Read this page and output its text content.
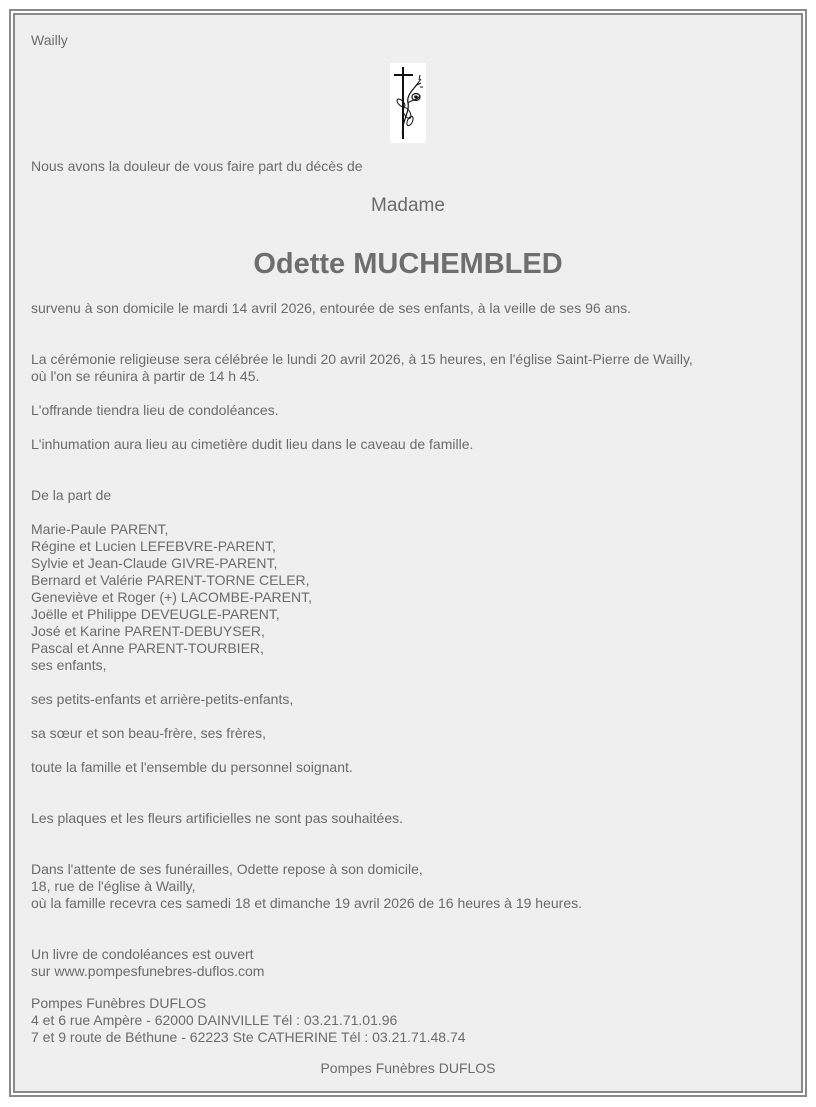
Wailly
Nous avons la douleur de vous faire part du décès de
Madame
Odette MUCHEMBLED
survenu à son domicile le mardi 14 avril 2026, entourée de ses enfants, à la veille de ses 96 ans.
La cérémonie religieuse sera célébrée le lundi 20 avril 2026, à 15 heures, en l'église Saint-Pierre de Wailly,
où l'on se réunira à partir de 14 h 45.
L'offrande tiendra lieu de condoléances.
L'inhumation aura lieu au cimetière dudit lieu dans le caveau de famille.
De la part de
Marie-Paule PARENT,
Régine et Lucien LEFEBVRE-PARENT,
Sylvie et Jean-Claude GIVRE-PARENT,
Bernard et Valérie PARENT-TORNE CELER,
Geneviève et Roger (+) LACOMBE-PARENT,
Joëlle et Philippe DEVEUGLE-PARENT,
José et Karine PARENT-DEBUYSER,
Pascal et Anne PARENT-TOURBIER,
ses enfants,
ses petits-enfants et arrière-petits-enfants,
sa sœur et son beau-frère, ses frères,
toute la famille et l'ensemble du personnel soignant.
Les plaques et les fleurs artificielles ne sont pas souhaitées.
Dans l'attente de ses funérailles, Odette repose à son domicile,
18, rue de l'église à Wailly,
où la famille recevra ces samedi 18 et dimanche 19 avril 2026 de 16 heures à 19 heures.
Un livre de condoléances est ouvert
sur www.pompesfunebres-duflos.com
Pompes Funèbres DUFLOS
4 et 6 rue Ampère - 62000 DAINVILLE Tél : 03.21.71.01.96
7 et 9 route de Béthune - 62223 Ste CATHERINE Tél : 03.21.71.48.74
Pompes Funèbres DUFLOS
